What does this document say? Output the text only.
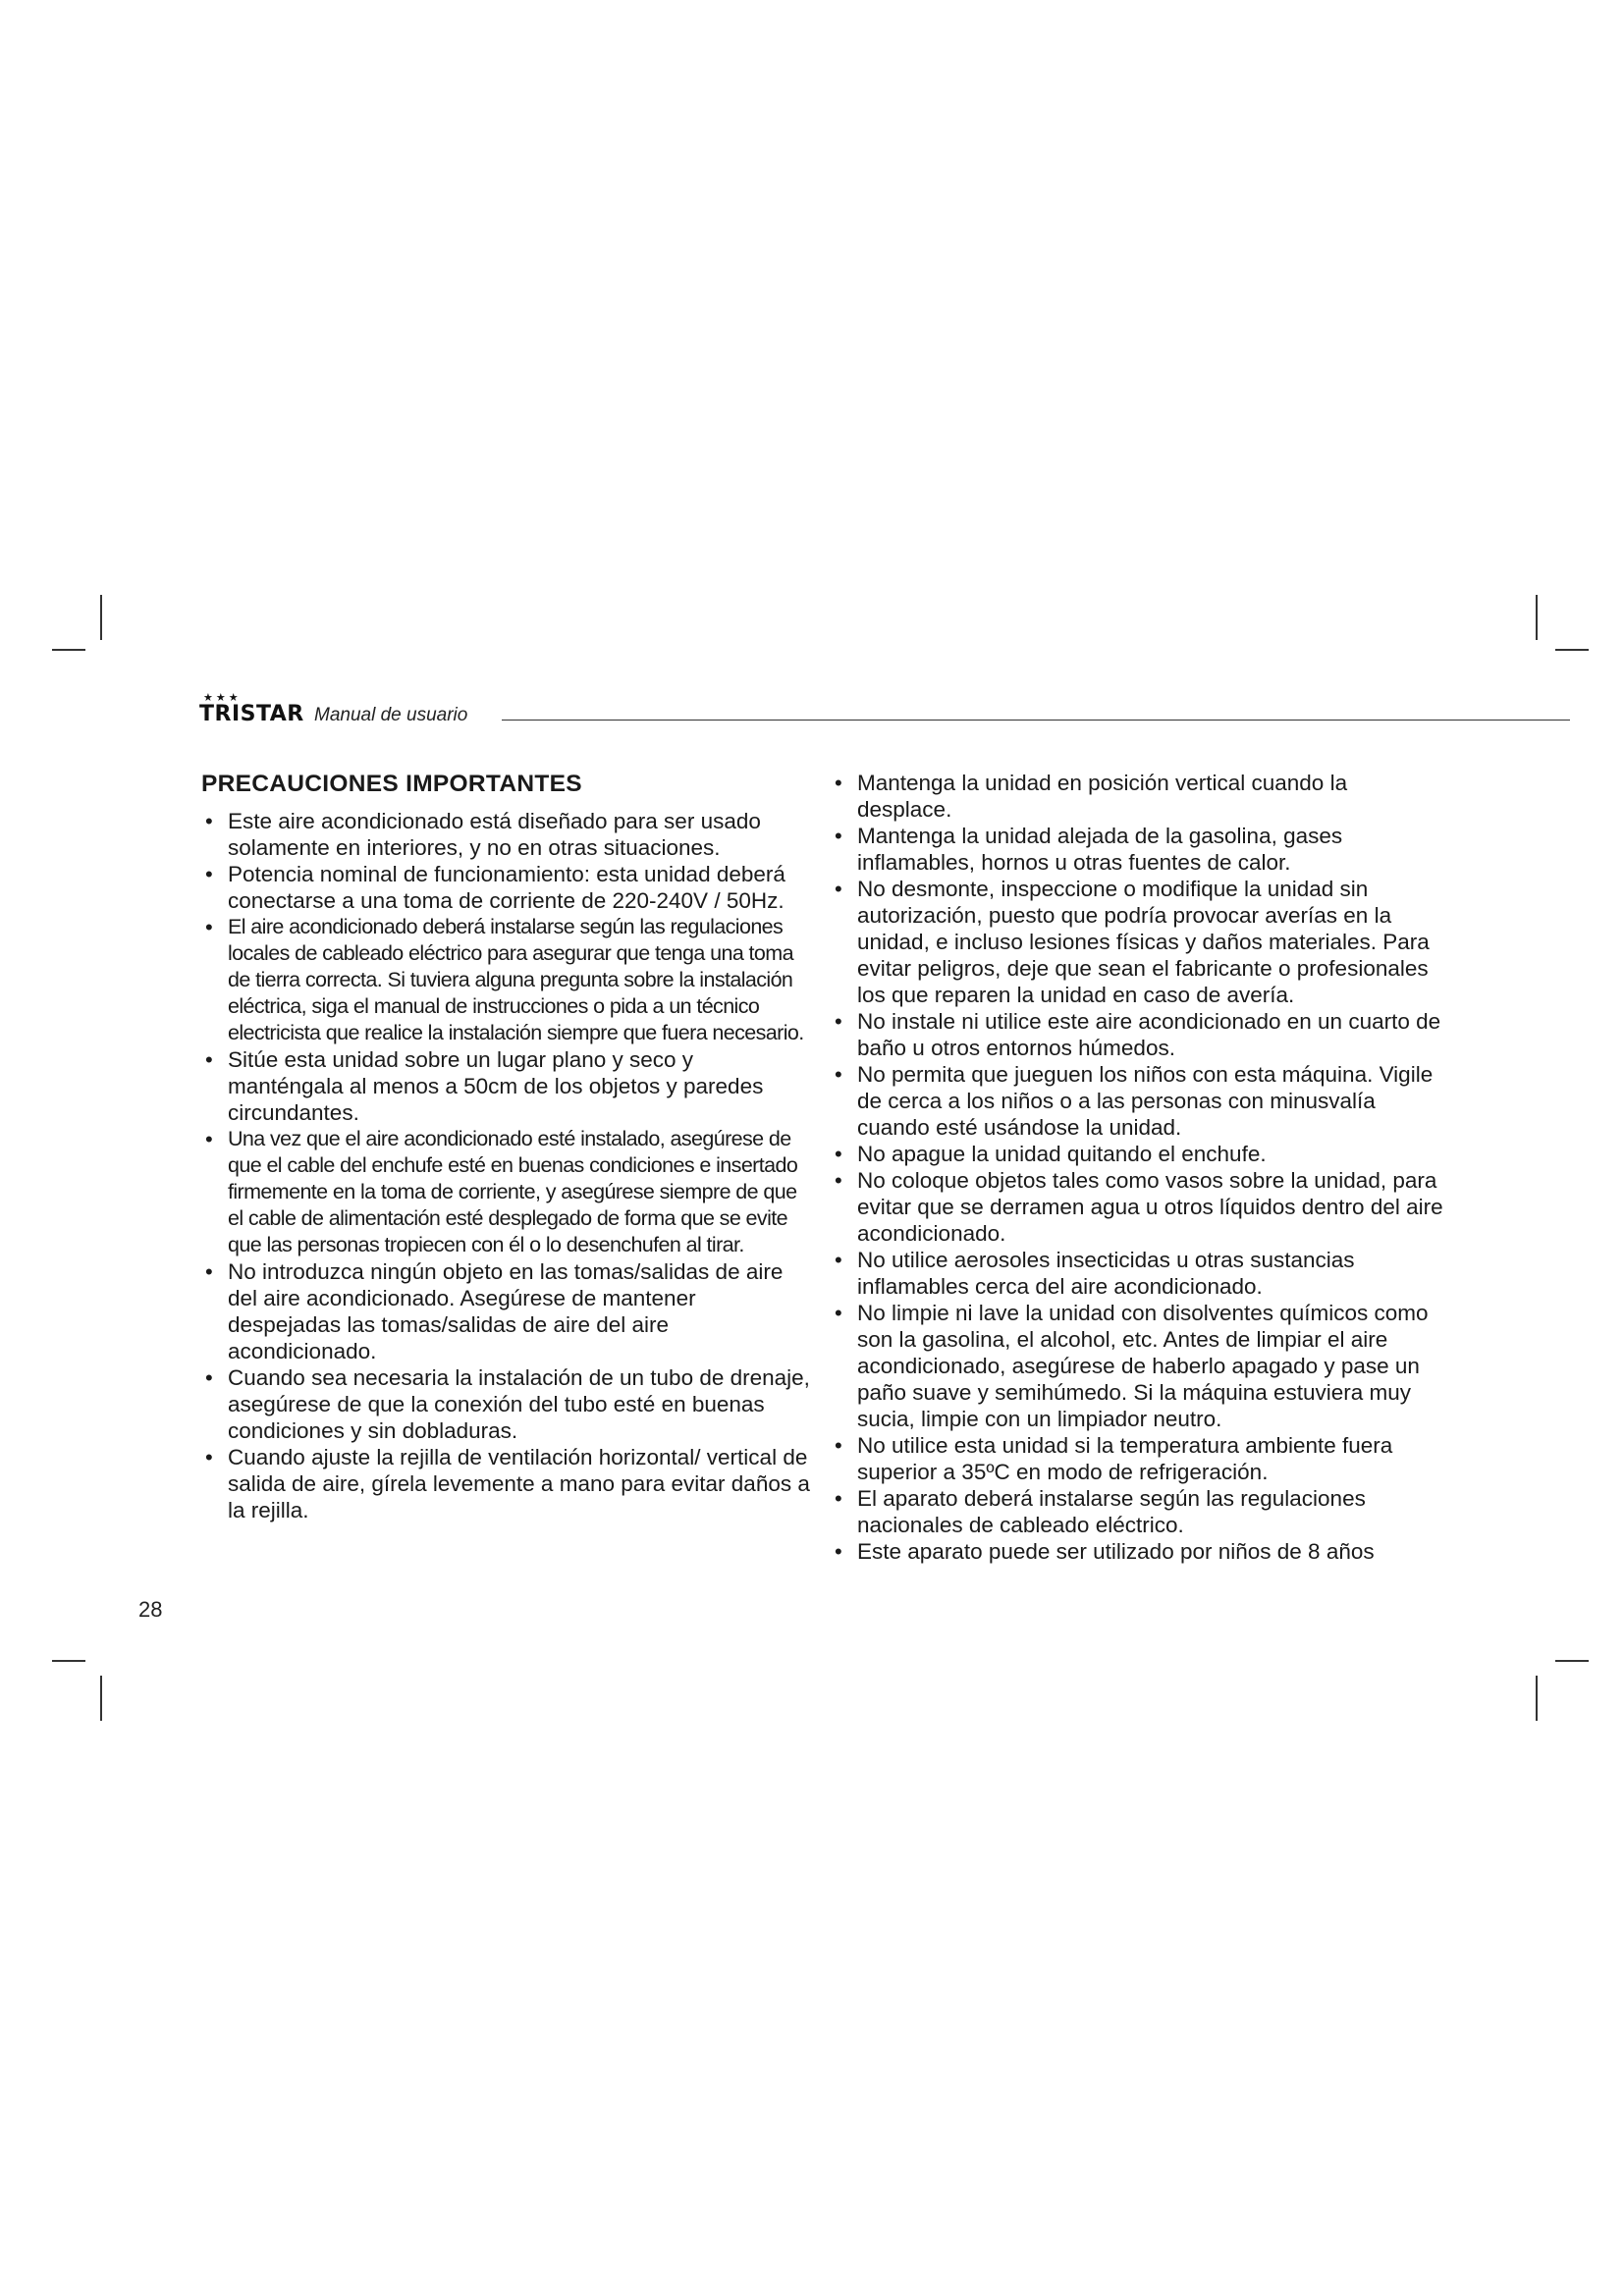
★★★
TRISTAR Manual de usuario
PRECAUCIONES IMPORTANTES
• Este aire acondicionado está diseñado para ser usado solamente en interiores, y no en otras situaciones.
• Potencia nominal de funcionamiento: esta unidad deberá conectarse a una toma de corriente de 220-240V / 50Hz.
• El aire acondicionado deberá instalarse según las regulaciones locales de cableado eléctrico para asegurar que tenga una toma de tierra correcta. Si tuviera alguna pregunta sobre la instalación eléctrica, siga el manual de instrucciones o pida a un técnico electricista que realice la instalación siempre que fuera necesario.
• Sitúe esta unidad sobre un lugar plano y seco y manténgala al menos a 50cm de los objetos y paredes circundantes.
• Una vez que el aire acondicionado esté instalado, asegúrese de que el cable del enchufe esté en buenas condiciones e insertado firmemente en la toma de corriente, y asegúrese siempre de que el cable de alimentación esté desplegado de forma que se evite que las personas tropiecen con él o lo desenchufen al tirar.
• No introduzca ningún objeto en las tomas/salidas de aire del aire acondicionado. Asegúrese de mantener despejadas las tomas/salidas de aire del aire acondicionado.
• Cuando sea necesaria la instalación de un tubo de drenaje, asegúrese de que la conexión del tubo esté en buenas condiciones y sin dobladuras.
• Cuando ajuste la rejilla de ventilación horizontal/ vertical de salida de aire, gírela levemente a mano para evitar daños a la rejilla.
• Mantenga la unidad en posición vertical cuando la desplace.
• Mantenga la unidad alejada de la gasolina, gases inflamables, hornos u otras fuentes de calor.
• No desmonte, inspeccione o modifique la unidad sin autorización, puesto que podría provocar averías en la unidad, e incluso lesiones físicas y daños materiales. Para evitar peligros, deje que sean el fabricante o profesionales los que reparen la unidad en caso de avería.
• No instale ni utilice este aire acondicionado en un cuarto de baño u otros entornos húmedos.
• No permita que jueguen los niños con esta máquina. Vigile de cerca a los niños o a las personas con minusvalía cuando esté usándose la unidad.
• No apague la unidad quitando el enchufe.
• No coloque objetos tales como vasos sobre la unidad, para evitar que se derramen agua u otros líquidos dentro del aire acondicionado.
• No utilice aerosoles insecticidas u otras sustancias inflamables cerca del aire acondicionado.
• No limpie ni lave la unidad con disolventes químicos como son la gasolina, el alcohol, etc. Antes de limpiar el aire acondicionado, asegúrese de haberlo apagado y pase un paño suave y semihúmedo. Si la máquina estuviera muy sucia, limpie con un limpiador neutro.
• No utilice esta unidad si la temperatura ambiente fuera superior a 35ºC en modo de refrigeración.
• El aparato deberá instalarse según las regulaciones nacionales de cableado eléctrico.
• Este aparato puede ser utilizado por niños de 8 años
28
